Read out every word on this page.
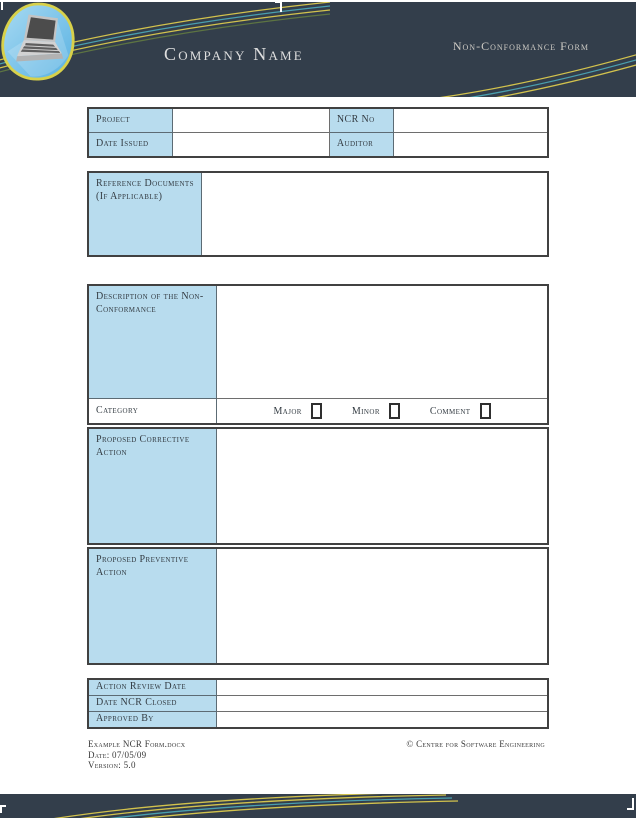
Company Name	Non-Conformance Form
Project	NCR No
Date Issued	Auditor
Reference Documents (If Applicable)
Description of the Non-Conformance
Category	Major	Minor	Comment
Proposed Corrective Action
Proposed Preventive Action
Action Review Date
Date NCR Closed
Approved By
Example NCR Form.docx
Date: 07/05/09
Version: 5.0
© Centre for Software Engineering
